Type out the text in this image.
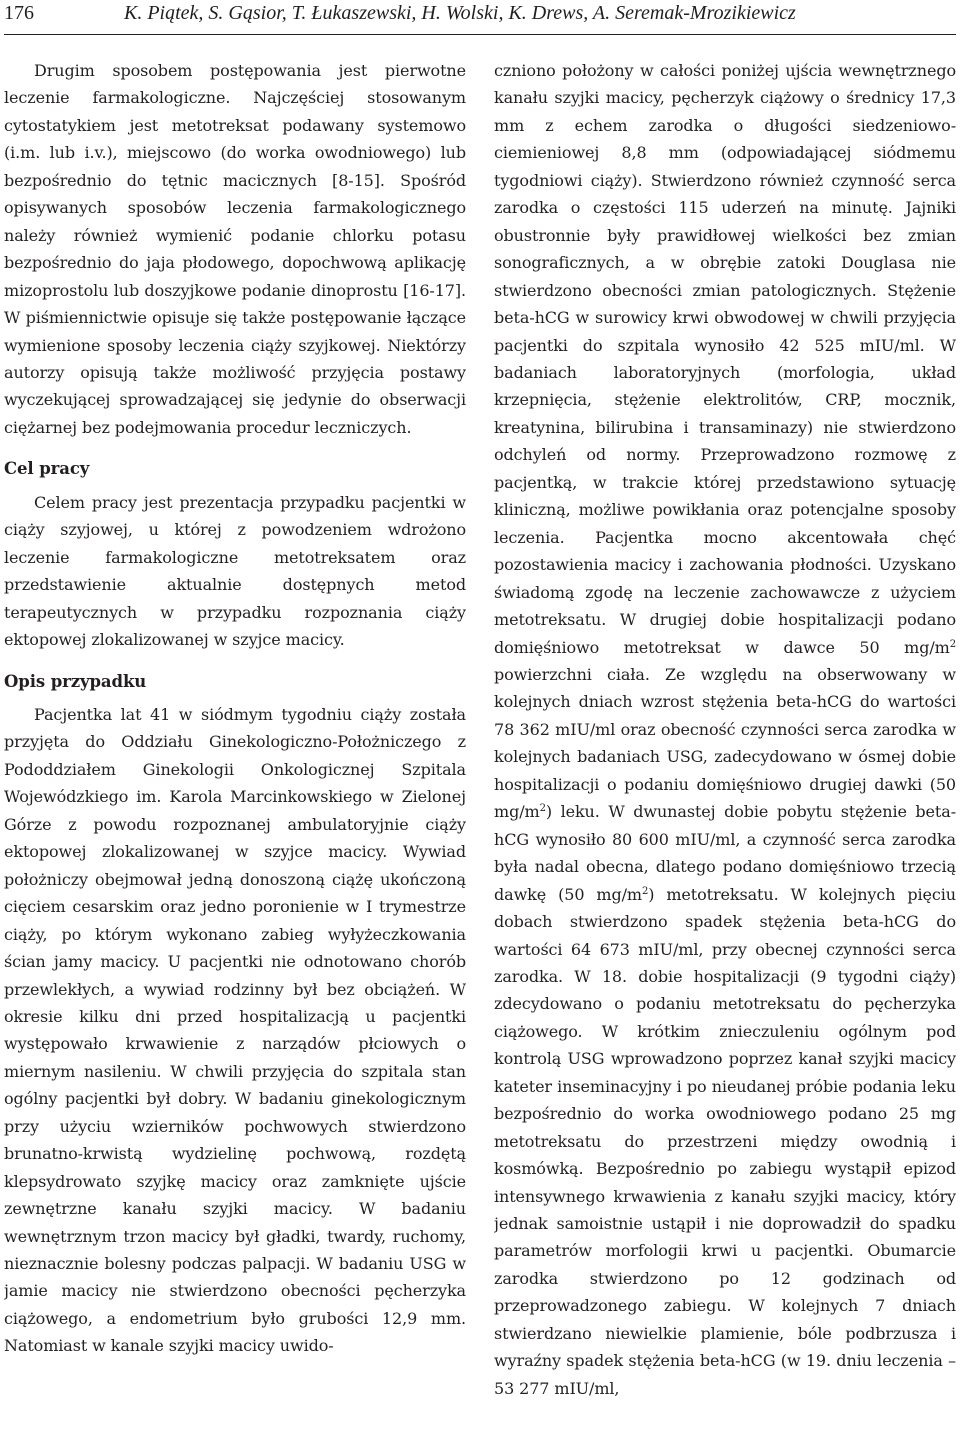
176	K. Piątek, S. Gąsior, T. Łukaszewski, H. Wolski, K. Drews, A. Seremak-Mrozikiewicz

Drugim sposobem postępowania jest pierwotne leczenie farmakologiczne. Najczęściej stosowanym cytostatykiem jest metotreksat podawany systemowo (i.m. lub i.v.), miejscowo (do worka owodniowego) lub bezpośrednio do tętnic macicznych [8-15]. Spośród opisywanych sposobów leczenia farmakologicznego należy również wymienić podanie chlorku potasu bezpośrednio do jaja płodowego, dopochwową aplikację mizoprostolu lub doszyjkowe podanie dinoprostu [16-17]. W piśmiennictwie opisuje się także postępowanie łączące wymienione sposoby leczenia ciąży szyjkowej. Niektórzy autorzy opisują także możliwość przyjęcia postawy wyczekującej sprowadzającej się jedynie do obserwacji ciężarnej bez podejmowania procedur leczniczych.

Cel pracy

Celem pracy jest prezentacja przypadku pacjentki w ciąży szyjowej, u której z powodzeniem wdrożono leczenie farmakologiczne metotreksatem oraz przedstawienie aktualnie dostępnych metod terapeutycznych w przypadku rozpoznania ciąży ektopowej zlokalizowanej w szyjce macicy.

Opis przypadku

Pacjentka lat 41 w siódmym tygodniu ciąży została przyjęta do Oddziału Ginekologiczno-Położniczego z Pododdziałem Ginekologii Onkologicznej Szpitala Wojewódzkiego im. Karola Marcinkowskiego w Zielonej Górze z powodu rozpoznanej ambulatoryjnie ciąży ektopowej zlokalizowanej w szyjce macicy. Wywiad położniczy obejmował jedną donoszoną ciążę ukończoną cięciem cesarskim oraz jedno poronienie w I trymestrze ciąży, po którym wykonano zabieg wyłyżeczkowania ścian jamy macicy. U pacjentki nie odnotowano chorób przewlekłych, a wywiad rodzinny był bez obciążeń. W okresie kilku dni przed hospitalizacją u pacjentki występowało krwawienie z narządów płciowych o miernym nasileniu. W chwili przyjęcia do szpitala stan ogólny pacjentki był dobry. W badaniu ginekologicznym przy użyciu wzierników pochwowych stwierdzono brunatno-krwistą wydzielinę pochwową, rozdętą klepsydrowato szyjkę macicy oraz zamknięte ujście zewnętrzne kanału szyjki macicy. W badaniu wewnętrznym trzon macicy był gładki, twardy, ruchomy, nieznacznie bolesny podczas palpacji. W badaniu USG w jamie macicy nie stwierdzono obecności pęcherzyka ciążowego, a endometrium było grubości 12,9 mm. Natomiast w kanale szyjki macicy uwido-

czniono położony w całości poniżej ujścia wewnętrznego kanału szyjki macicy, pęcherzyk ciążowy o średnicy 17,3 mm z echem zarodka o długości siedzeniowo-ciemieniowej 8,8 mm (odpowiadającej siódmemu tygodniowi ciąży). Stwierdzono również czynność serca zarodka o częstości 115 uderzeń na minutę. Jajniki obustronnie były prawidłowej wielkości bez zmian sonograficznych, a w obrębie zatoki Douglasa nie stwierdzono obecności zmian patologicznych. Stężenie beta-hCG w surowicy krwi obwodowej w chwili przyjęcia pacjentki do szpitala wynosiło 42 525 mIU/ml. W badaniach laboratoryjnych (morfologia, układ krzepnięcia, stężenie elektrolitów, CRP, mocznik, kreatynina, bilirubina i transaminazy) nie stwierdzono odchyleń od normy. Przeprowadzono rozmowę z pacjentką, w trakcie której przedstawiono sytuację kliniczną, możliwe powikłania oraz potencjalne sposoby leczenia. Pacjentka mocno akcentowała chęć pozostawienia macicy i zachowania płodności. Uzyskano świadomą zgodę na leczenie zachowawcze z użyciem metotreksatu. W drugiej dobie hospitalizacji podano domięśniowo metotreksat w dawce 50 $mg/m^2$ powierzchni ciała. Ze względu na obserwowany w kolejnych dniach wzrost stężenia beta-hCG do wartości 78 362 mIU/ml oraz obecność czynności serca zarodka w kolejnych badaniach USG, zadecydowano w ósmej dobie hospitalizacji o podaniu domięśniowo drugiej dawki (50 $mg/m^2$) leku. W dwunastej dobie pobytu stężenie beta-hCG wynosiło 80 600 mIU/ml, a czynność serca zarodka była nadal obecna, dlatego podano domięśniowo trzecią dawkę (50 $mg/m^2$) metotreksatu. W kolejnych pięciu dobach stwierdzono spadek stężenia beta-hCG do wartości 64 673 mIU/ml, przy obecnej czynności serca zarodka. W 18. dobie hospitalizacji (9 tygodni ciąży) zdecydowano o podaniu metotreksatu do pęcherzyka ciążowego. W krótkim znieczuleniu ogólnym pod kontrolą USG wprowadzono poprzez kanał szyjki macicy kateter inseminacyjny i po nieudanej próbie podania leku bezpośrednio do worka owodniowego podano 25 mg metotreksatu do przestrzeni między owodnią i kosmówką. Bezpośrednio po zabiegu wystąpił epizod intensywnego krwawienia z kanału szyjki macicy, który jednak samoistnie ustąpił i nie doprowadził do spadku parametrów morfologii krwi u pacjentki. Obumarcie zarodka stwierdzono po 12 godzinach od przeprowadzonego zabiegu. W kolejnych 7 dniach stwierdzano niewielkie plamienie, bóle podbrzusza i wyraźny spadek stężenia beta-hCG (w 19. dniu leczenia – 53 277 mIU/ml,
